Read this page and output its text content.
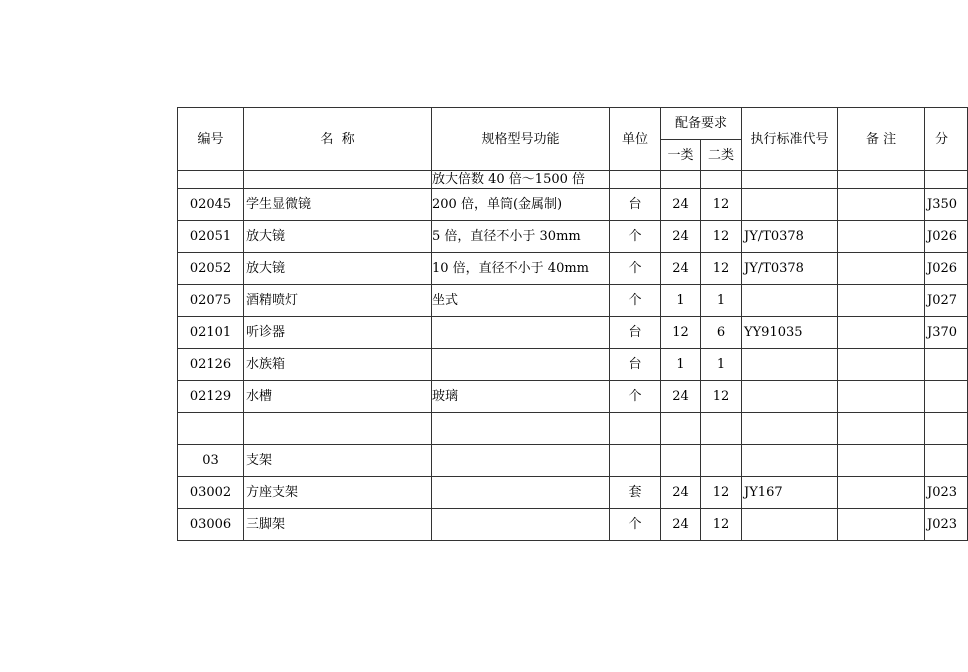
编号	名  称	规格型号功能	单位	配备要求		执行标准代号	备 注	分
				一类	二类			
		放大倍数 40 倍～1500 倍						
02045	学生显微镜	200 倍，单筒(金属制)	台	24	12			J350
02051	放大镜	5 倍，直径不小于 30mm	个	24	12	JY/T0378		J026
02052	放大镜	10 倍，直径不小于 40mm	个	24	12	JY/T0378		J026
02075	酒精喷灯	坐式	个	1	1			J027
02101	听诊器		台	12	6	YY91035		J370
02126	水族箱		台	1	1			
02129	水槽	玻璃	个	24	12			

03	支架							
03002	方座支架		套	24	12	JY167		J023
03006	三脚架		个	24	12			J023
